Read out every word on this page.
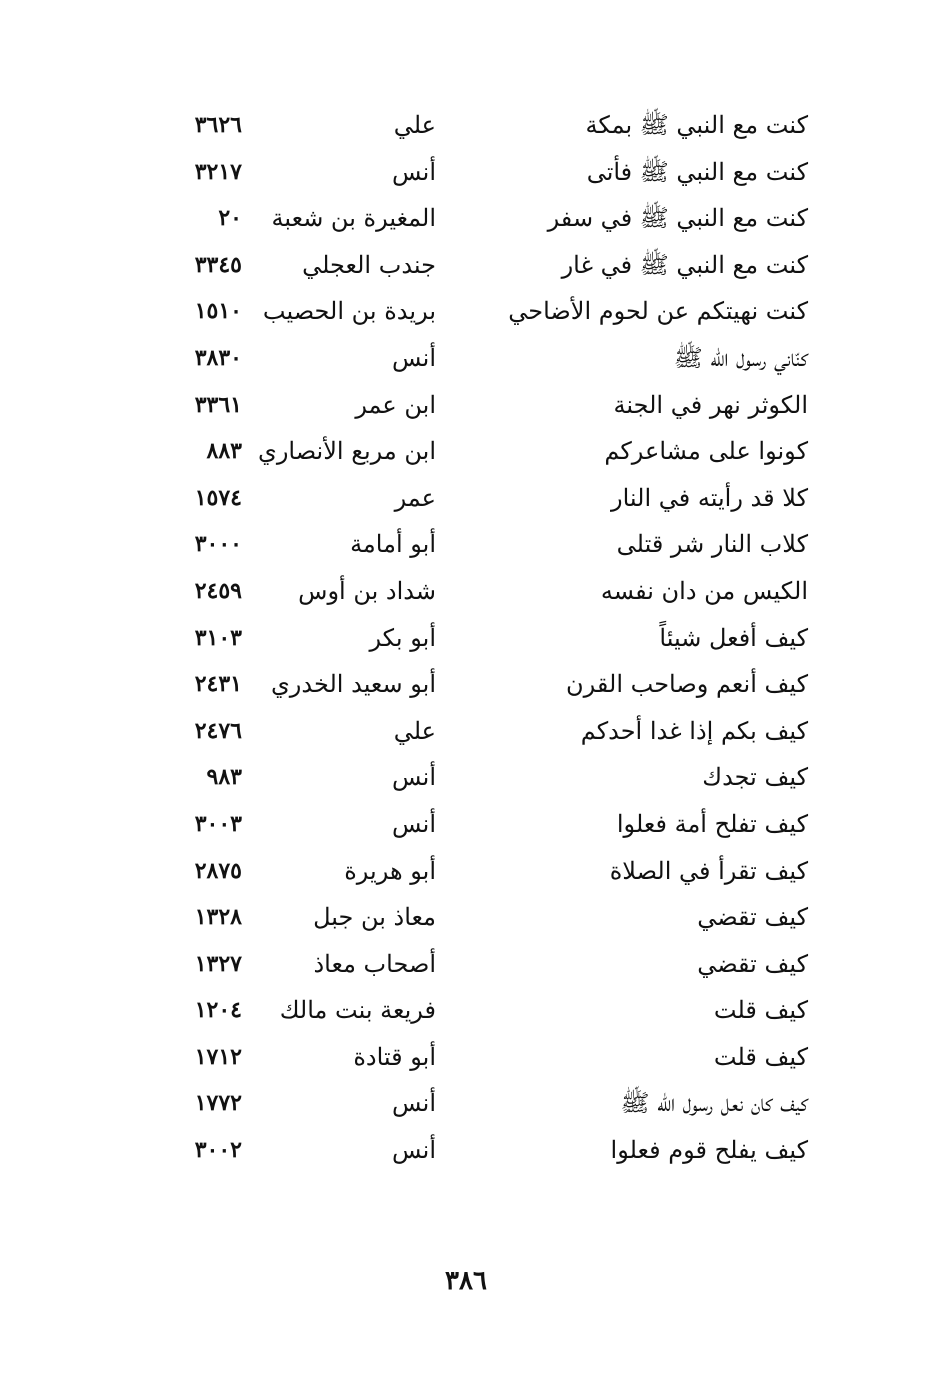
كنت مع النبي ﷺ بمكة
علي
٣٦٢٦
كنت مع النبي ﷺ فأتى
أنس
٣٢١٧
كنت مع النبي ﷺ في سفر
المغيرة بن شعبة
٢٠
كنت مع النبي ﷺ في غار
جندب العجلي
٣٣٤٥
كنت نهيتكم عن لحوم الأضاحي
بريدة بن الحصيب
١٥١٠
كنّاني رسول الله ﷺ
أنس
٣٨٣٠
الكوثر نهر في الجنة
ابن عمر
٣٣٦١
كونوا على مشاعركم
ابن مربع الأنصاري
٨٨٣
كلا قد رأيته في النار
عمر
١٥٧٤
كلاب النار شر قتلى
أبو أمامة
٣٠٠٠
الكيس من دان نفسه
شداد بن أوس
٢٤٥٩
كيف أفعل شيئاً
أبو بكر
٣١٠٣
كيف أنعم وصاحب القرن
أبو سعيد الخدري
٢٤٣١
كيف بكم إذا غدا أحدكم
علي
٢٤٧٦
كيف تجدك
أنس
٩٨٣
كيف تفلح أمة فعلوا
أنس
٣٠٠٣
كيف تقرأ في الصلاة
أبو هريرة
٢٨٧٥
كيف تقضي
معاذ بن جبل
١٣٢٨
كيف تقضي
أصحاب معاذ
١٣٢٧
كيف قلت
فريعة بنت مالك
١٢٠٤
كيف قلت
أبو قتادة
١٧١٢
كيف كان نعل رسول الله ﷺ
أنس
١٧٧٢
كيف يفلح قوم فعلوا
أنس
٣٠٠٢
٣٨٦
